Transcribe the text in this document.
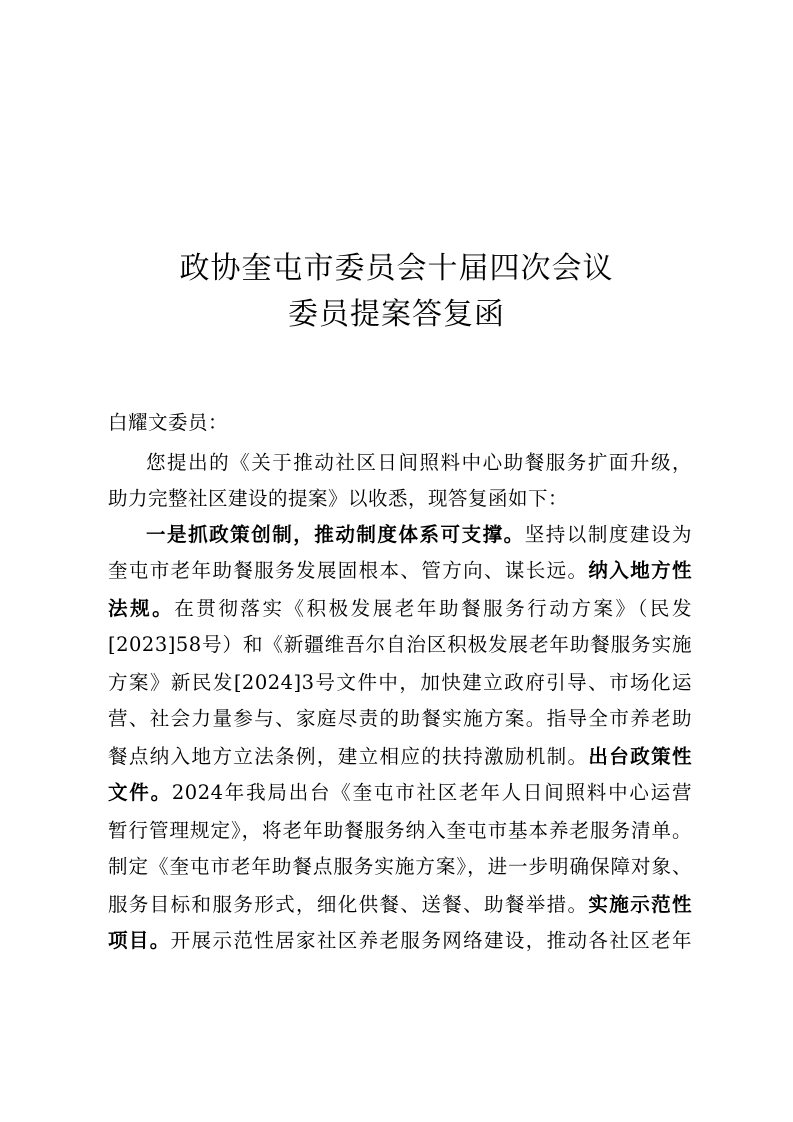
政协奎屯市委员会十届四次会议
委员提案答复函
白耀文委员：
您提出的《关于推动社区日间照料中心助餐服务扩面升级，
助力完整社区建设的提案》以收悉，现答复函如下：
一是抓政策创制，推动制度体系可支撑。坚持以制度建设为
奎屯市老年助餐服务发展固根本、管方向、谋长远。纳入地方性
法规。在贯彻落实《积极发展老年助餐服务行动方案》（民发
[2023]58号）和《新疆维吾尔自治区积极发展老年助餐服务实施
方案》新民发[2024]3号文件中，加快建立政府引导、市场化运
营、社会力量参与、家庭尽责的助餐实施方案。指导全市养老助
餐点纳入地方立法条例，建立相应的扶持激励机制。出台政策性
文件。2024年我局出台《奎屯市社区老年人日间照料中心运营
暂行管理规定》，将老年助餐服务纳入奎屯市基本养老服务清单。
制定《奎屯市老年助餐点服务实施方案》，进一步明确保障对象、
服务目标和服务形式，细化供餐、送餐、助餐举措。实施示范性
项目。开展示范性居家社区养老服务网络建设，推动各社区老年
